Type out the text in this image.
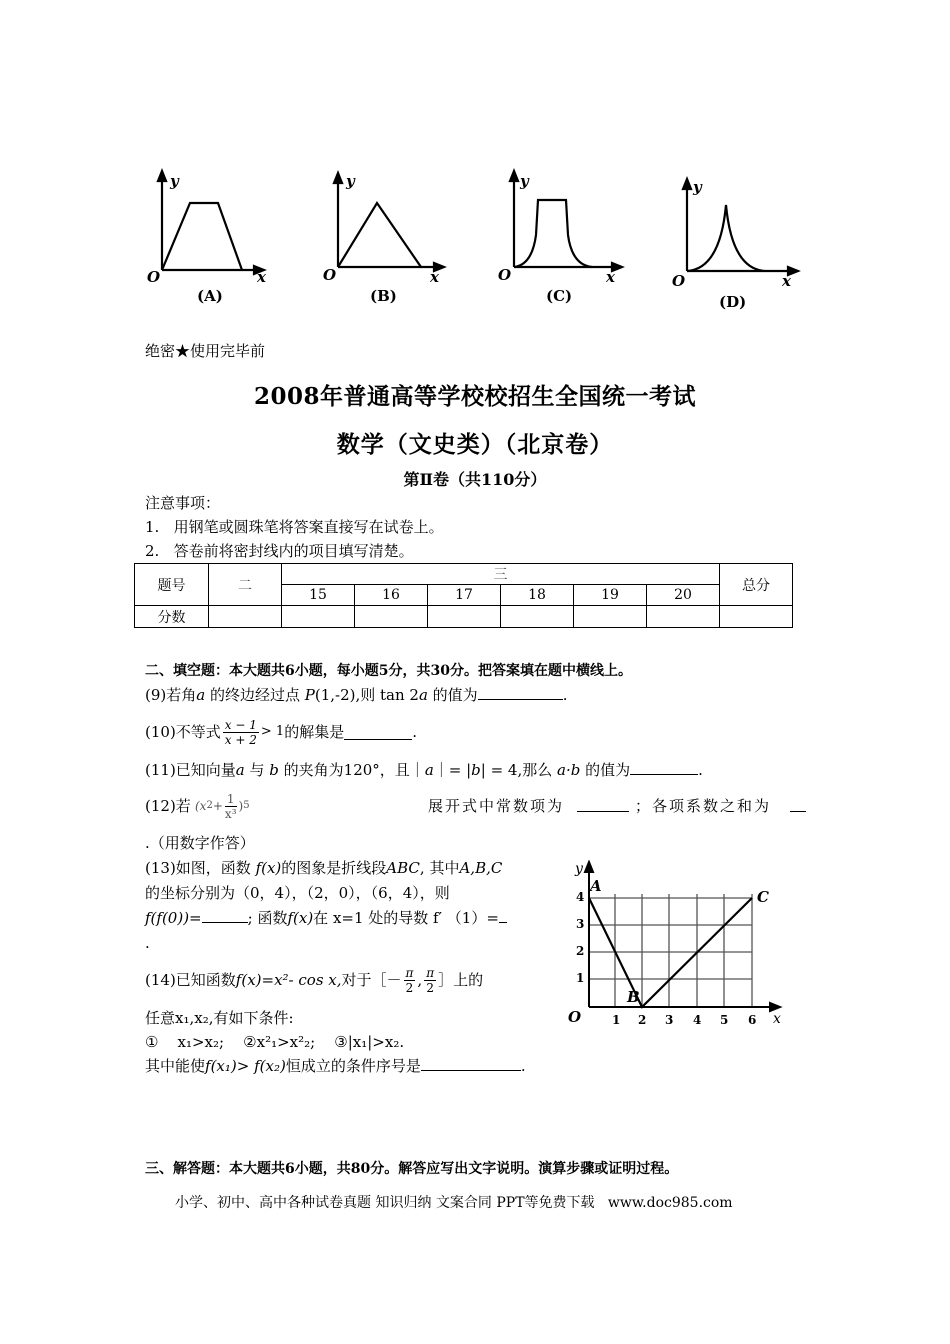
y
O	x
(A)
y
O	x
(B)
y
O	x
(C)
y
O	x
(D)
绝密★使用完毕前
2008年普通高等学校校招生全国统一考试
数学（文史类）（北京卷）
第Ⅱ卷（共110分）
注意事项：
1. 用钢笔或圆珠笔将答案直接写在试卷上。
2. 答卷前将密封线内的项目填写清楚。
题号	二	三						总分
		15	16	17	18	19	20	
分数								
二、填空题：本大题共6小题，每小题5分，共30分。把答案填在题中横线上。
(9)若角a 的终边经过点 P(1,-2),则 tan 2a 的值为	.
(10)不等式 $\frac{x - 1}{x + 2} > 1$ 的解集是	.
(11)已知向量a 与 b 的夹角为120°，且｜a｜= |b| = 4,那么 a·b 的值为	.
(12)若 (x $2 + \frac{1}{\text{x³}}$ ) 5	展开式中常数项为	；各项系数之和为
.（用数字作答）
(13)如图，函数 f(x)的图象是折线段ABC, 其中A,B,C
的坐标分别为（0，4），（2，0），（6，4），则
f(f(0))=	; 函数f(x)在 x=1 处的导数 f′ （1）=
.
(14)已知函数 f(x)=x²- cos x, 对于［－ $\frac{\pi}{2}$ , $\frac{\pi}{2}$ ］上的
任意x₁,x₂,有如下条件:
①    x₁>x₂;    ②x²₁>x²₂;    ③|x₁|>x₂.
其中能使f(x₁)> f(x₂)恒成立的条件序号是	.
y
A
B
C
4
3
2
1
O	1 2 3 4 5 6 x
三、解答题：本大题共6小题，共80分。解答应写出文字说明。演算步骤或证明过程。
小学、初中、高中各种试卷真题 知识归纳 文案合同 PPT等免费下载   www.doc985.com
